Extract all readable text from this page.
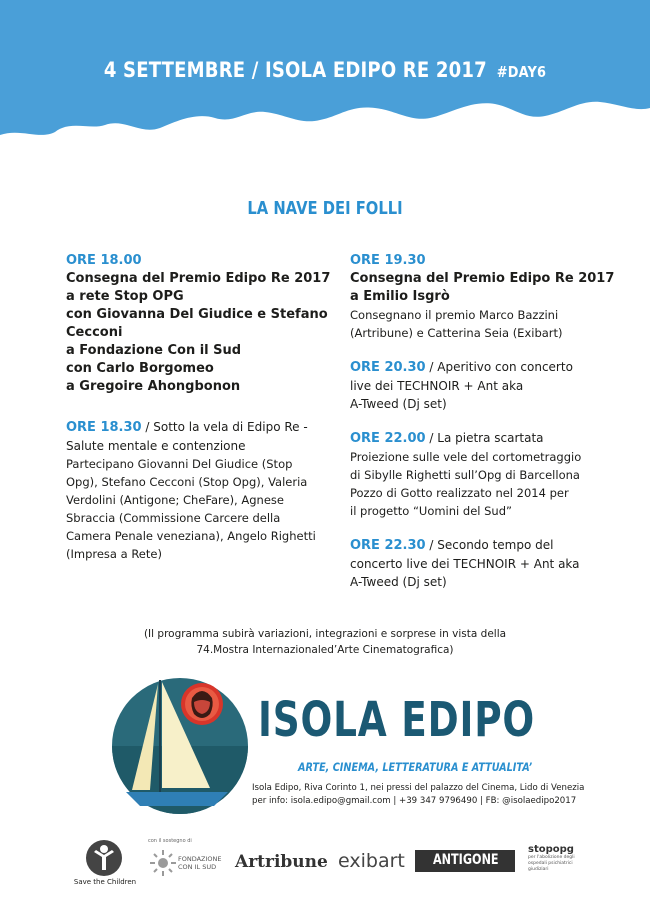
4 SETTEMBRE / ISOLA EDIPO RE 2017 #DAY6
LA NAVE DEI FOLLI
ORE 18.00
Consegna del Premio Edipo Re 2017
a rete Stop OPG
con Giovanna Del Giudice e Stefano
Cecconi
a Fondazione Con il Sud
con Carlo Borgomeo
a Gregoire Ahongbonon
ORE 18.30 / Sotto la vela di Edipo Re -
Salute mentale e contenzione
Partecipano Giovanni Del Giudice (Stop
Opg), Stefano Cecconi (Stop Opg), Valeria
Verdolini (Antigone; CheFare), Agnese
Sbraccia (Commissione Carcere della
Camera Penale veneziana), Angelo Righetti
(Impresa a Rete)
ORE 19.30
Consegna del Premio Edipo Re 2017
a Emilio Isgrò
Consegnano il premio Marco Bazzini
(Artribune) e Catterina Seia (Exibart)
ORE 20.30 / Aperitivo con concerto
live dei TECHNOIR + Ant aka
A-Tweed (Dj set)
ORE 22.00 / La pietra scartata
Proiezione sulle vele del cortometraggio
di Sibylle Righetti sull’Opg di Barcellona
Pozzo di Gotto realizzato nel 2014 per
il progetto “Uomini del Sud”
ORE 22.30 / Secondo tempo del
concerto live dei TECHNOIR + Ant aka
A-Tweed (Dj set)
(Il programma subirà variazioni, integrazioni e sorprese in vista della
74.Mostra Internazionaled’Arte Cinematografica)
ISOLA EDIPO
ARTE, CINEMA, LETTERATURA E ATTUALITA’
Isola Edipo, Riva Corinto 1, nei pressi del palazzo del Cinema, Lido di Venezia
per info: isola.edipo@gmail.com | +39 347 9796490 | FB: @isolaedipo2017
Save the Children
con il sostegno di
FONDAZIONE
CON IL SUD	Artribune exibart ANTIGONE
stopopg
per l'abolizione degli ospedali psichiatrici giudiziari
